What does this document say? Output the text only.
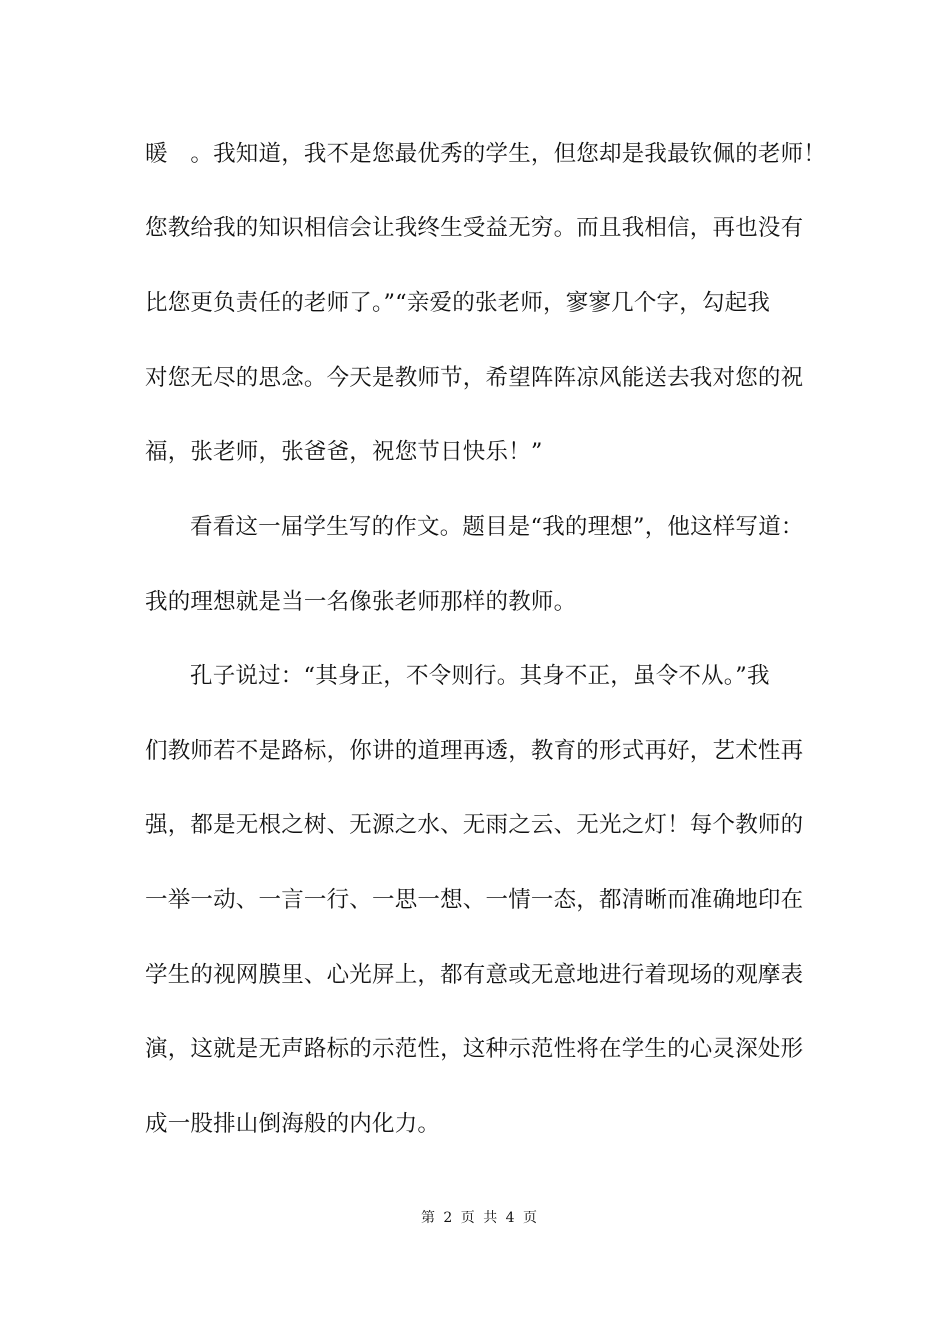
暖　。我知道，我不是您最优秀的学生，但您却是我最钦佩的老师！
您教给我的知识相信会让我终生受益无穷。而且我相信，再也没有
比您更负责任的老师了。”“亲爱的张老师，寥寥几个字，勾起我
对您无尽的思念。今天是教师节，希望阵阵凉风能送去我对您的祝
福，张老师，张爸爸，祝您节日快乐！”
看看这一届学生写的作文。题目是“我的理想”，他这样写道：
我的理想就是当一名像张老师那样的教师。
孔子说过：“其身正，不令则行。其身不正，虽令不从。”我
们教师若不是路标，你讲的道理再透，教育的形式再好，艺术性再
强，都是无根之树、无源之水、无雨之云、无光之灯！每个教师的
一举一动、一言一行、一思一想、一情一态，都清晰而准确地印在
学生的视网膜里、心光屏上，都有意或无意地进行着现场的观摩表
演，这就是无声路标的示范性，这种示范性将在学生的心灵深处形
成一股排山倒海般的内化力。
第 2 页 共 4 页
